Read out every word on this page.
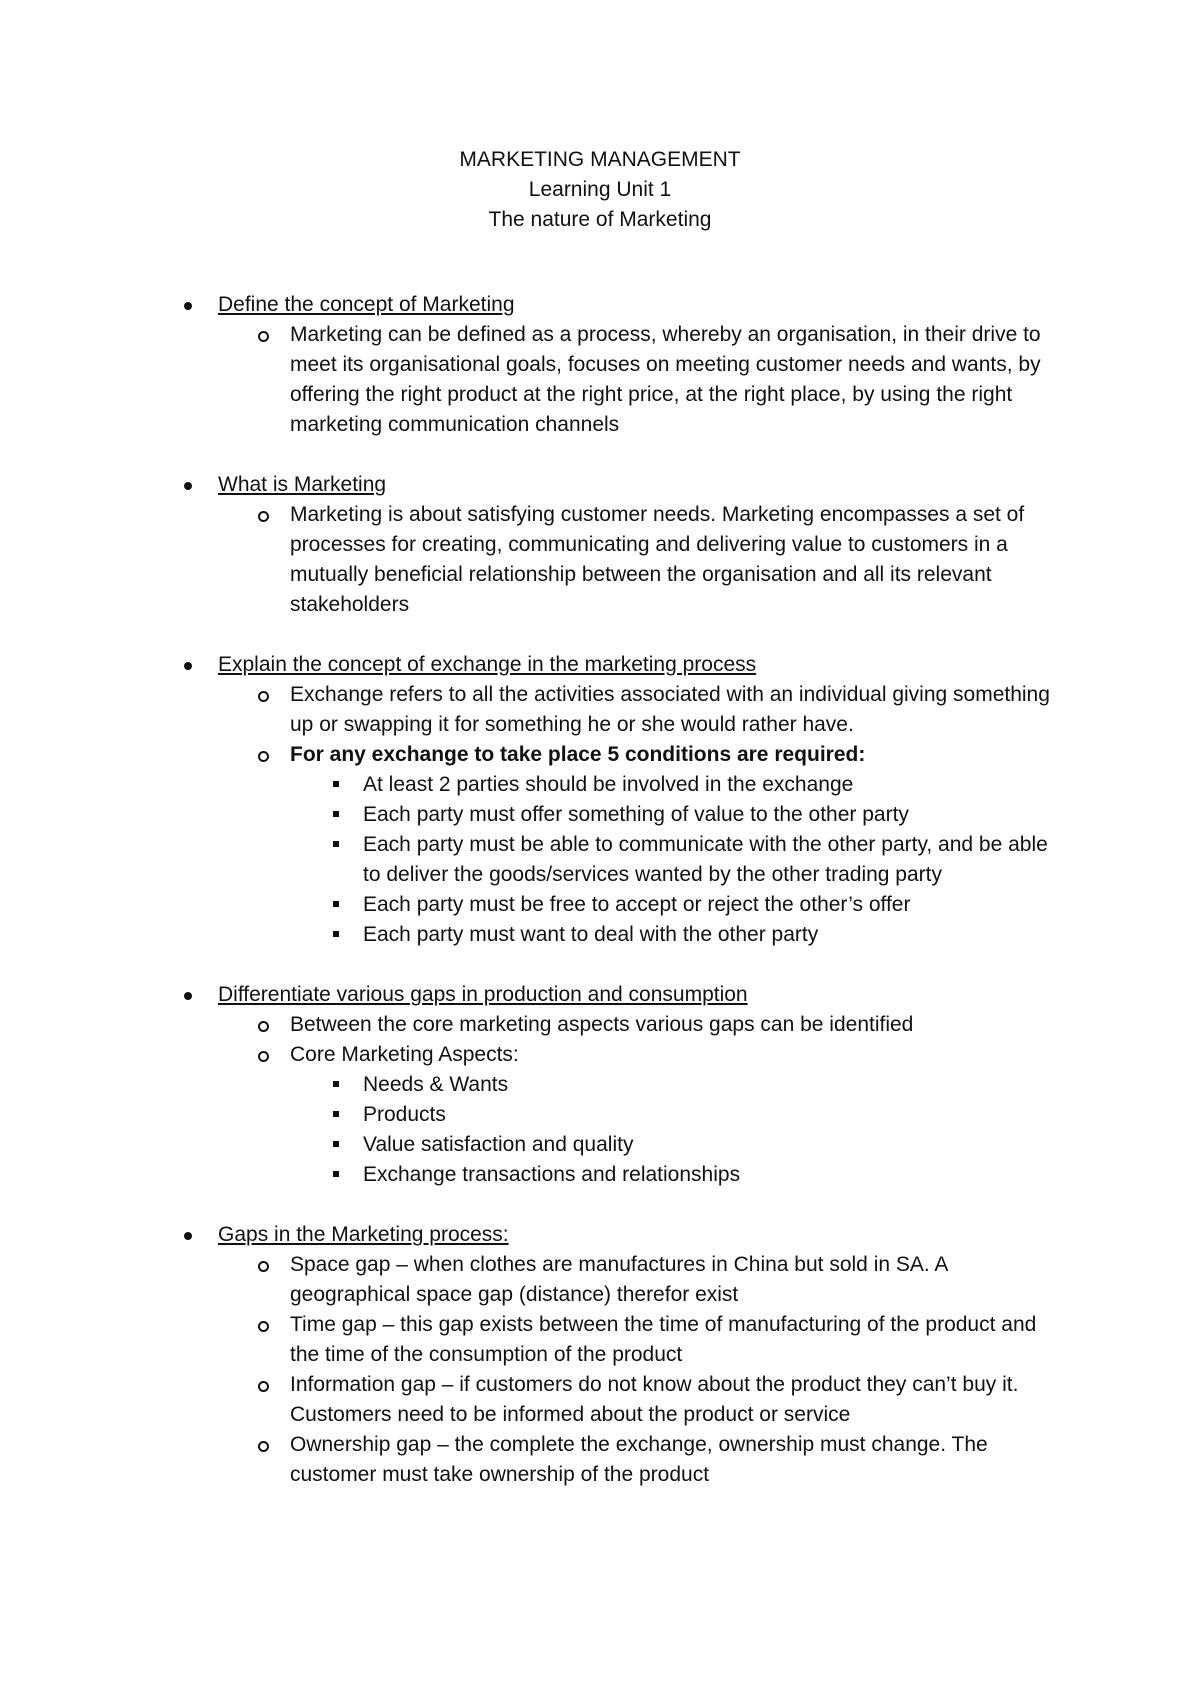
MARKETING MANAGEMENT
Learning Unit 1
The nature of Marketing
Define the concept of Marketing
Marketing can be defined as a process, whereby an organisation, in their drive to meet its organisational goals, focuses on meeting customer needs and wants, by offering the right product at the right price, at the right place, by using the right marketing communication channels
What is Marketing
Marketing is about satisfying customer needs. Marketing encompasses a set of processes for creating, communicating and delivering value to customers in a mutually beneficial relationship between the organisation and all its relevant stakeholders
Explain the concept of exchange in the marketing process
Exchange refers to all the activities associated with an individual giving something up or swapping it for something he or she would rather have.
For any exchange to take place 5 conditions are required:
At least 2 parties should be involved in the exchange
Each party must offer something of value to the other party
Each party must be able to communicate with the other party, and be able to deliver the goods/services wanted by the other trading party
Each party must be free to accept or reject the other’s offer
Each party must want to deal with the other party
Differentiate various gaps in production and consumption
Between the core marketing aspects various gaps can be identified
Core Marketing Aspects:
Needs & Wants
Products
Value satisfaction and quality
Exchange transactions and relationships
Gaps in the Marketing process:
Space gap – when clothes are manufactures in China but sold in SA. A geographical space gap (distance) therefor exist
Time gap – this gap exists between the time of manufacturing of the product and the time of the consumption of the product
Information gap – if customers do not know about the product they can’t buy it. Customers need to be informed about the product or service
Ownership gap – the complete the exchange, ownership must change. The customer must take ownership of the product
